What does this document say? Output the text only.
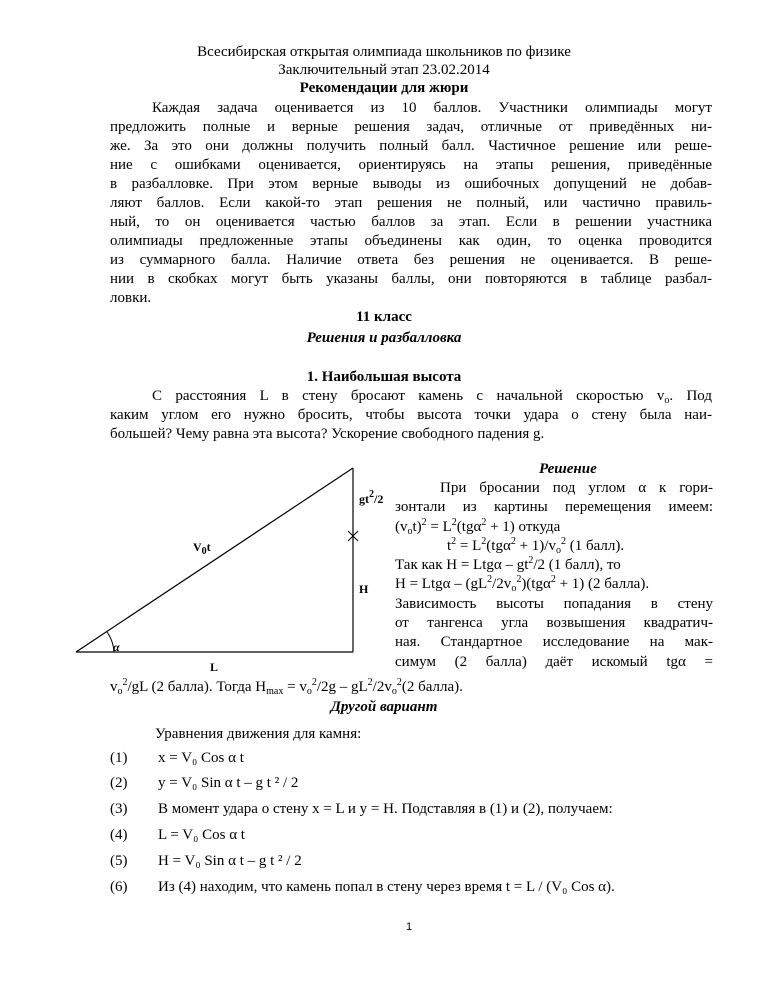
Всесибирская открытая олимпиада школьников по физике
Заключительный этап 23.02.2014
Рекомендации для жюри
Каждая задача оценивается из 10 баллов. Участники олимпиады могут
предложить полные и верные решения задач, отличные от приведённых ни-
же. За это они должны получить полный балл. Частичное решение или реше-
ние с ошибками оценивается, ориентируясь на этапы решения, приведённые
в разбалловке. При этом верные выводы из ошибочных допущений не добав-
ляют баллов. Если какой-то этап решения не полный, или частично правиль-
ный, то он оценивается частью баллов за этап. Если в решении участника
олимпиады предложенные этапы объединены как один, то оценка проводится
из суммарного балла. Наличие ответа без решения не оценивается. В реше-
нии в скобках могут быть указаны баллы, они повторяются в таблице разбал-
ловки.
11 класс
Решения и разбалловка
1. Наибольшая высота
С расстояния L в стену бросают камень с начальной скоростью $v_o$. Под
каким углом его нужно бросить, чтобы высота точки удара о стену была наи-
большей? Чему равна эта высота? Ускорение свободного падения g.
$V_0t$
$gt^2/2$
H
L
α
Решение
При бросании под углом α к гори-
зонтали из картины перемещения имеем:
$(v_ot)^2 = L^2(tg\alpha^2 + 1)$ откуда
$t^2 = L^2(tg\alpha^2 + 1)/v_o^2$ (1 балл).
Так как $H = Ltg\alpha - gt^2/2$ (1 балл), то
$H = Ltg\alpha - (gL^2/2v_o^2)(tg\alpha^2 + 1)$ (2 балла).
Зависимость высоты попадания в стену
от тангенса угла возвышения квадратич-
ная. Стандартное исследование на мак-
симум (2 балла) даёт искомый tgα =
$v_o^2/gL$ (2 балла). Тогда $H_{max} = v_o^2/2g - gL^2/2v_o^2(2$ балла).
Другой вариант
Уравнения движения для камня:
(1) x = V₀ Cos α t
(2) y = V₀ Sin α t – g t ² / 2
(3) В момент удара о стену x = L и y = H. Подставляя в (1) и (2), получаем:
(4) L = V₀ Cos α t
(5) H = V₀ Sin α t – g t ² / 2
(6) Из (4) находим, что камень попал в стену через время t = L / (V₀ Cos α).
1
